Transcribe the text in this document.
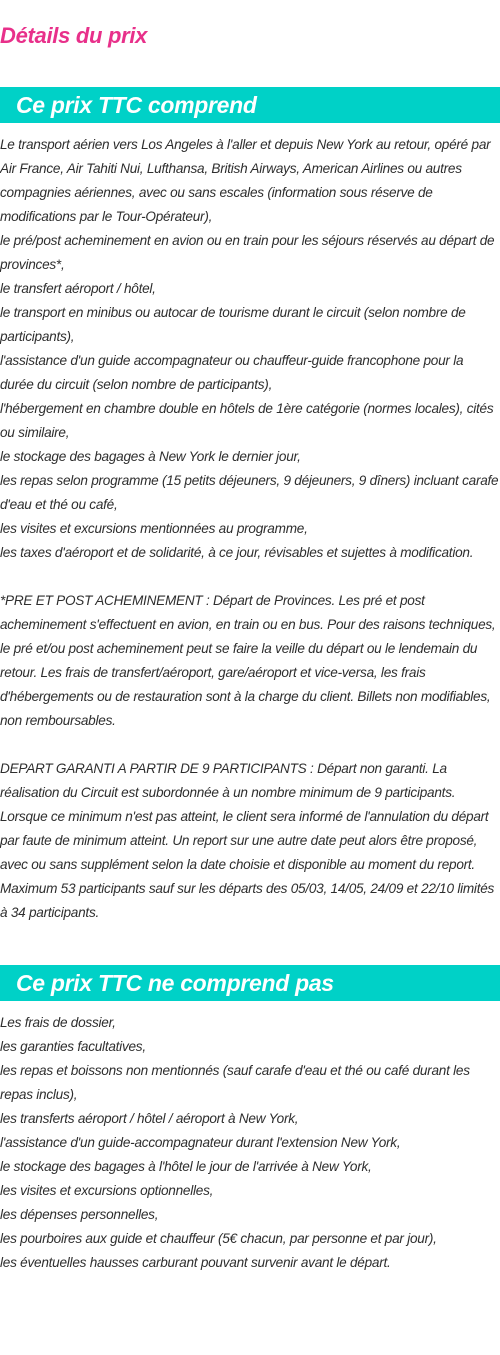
Détails du prix
Ce prix TTC comprend
Le transport aérien vers Los Angeles à l'aller et depuis New York au retour, opéré par Air France, Air Tahiti Nui, Lufthansa, British Airways, American Airlines ou autres compagnies aériennes, avec ou sans escales (information sous réserve de modifications par le Tour-Opérateur),
le pré/post acheminement en avion ou en train pour les séjours réservés au départ de provinces*,
le transfert aéroport / hôtel,
le transport en minibus ou autocar de tourisme durant le circuit (selon nombre de participants),
l'assistance d'un guide accompagnateur ou chauffeur-guide francophone pour la durée du circuit (selon nombre de participants),
l'hébergement en chambre double en hôtels de 1ère catégorie (normes locales), cités ou similaire,
le stockage des bagages à New York le dernier jour,
les repas selon programme (15 petits déjeuners, 9 déjeuners, 9 dîners) incluant carafe d'eau et thé ou café,
les visites et excursions mentionnées au programme,
les taxes d'aéroport et de solidarité, à ce jour, révisables et sujettes à modification.

*PRE ET POST ACHEMINEMENT : Départ de Provinces. Les pré et post acheminement s'effectuent en avion, en train ou en bus. Pour des raisons techniques, le pré et/ou post acheminement peut se faire la veille du départ ou le lendemain du retour. Les frais de transfert/aéroport, gare/aéroport et vice-versa, les frais d'hébergements ou de restauration sont à la charge du client. Billets non modifiables, non remboursables.

DEPART GARANTI A PARTIR DE 9 PARTICIPANTS : Départ non garanti. La réalisation du Circuit est subordonnée à un nombre minimum de 9 participants. Lorsque ce minimum n'est pas atteint, le client sera informé de l'annulation du départ par faute de minimum atteint. Un report sur une autre date peut alors être proposé, avec ou sans supplément selon la date choisie et disponible au moment du report. Maximum 53 participants sauf sur les départs des 05/03, 14/05, 24/09 et 22/10 limités à 34 participants.

Ce prix TTC ne comprend pas
Les frais de dossier,
les garanties facultatives,
les repas et boissons non mentionnés (sauf carafe d'eau et thé ou café durant les repas inclus),
les transferts aéroport / hôtel / aéroport à New York,
l'assistance d'un guide-accompagnateur durant l'extension New York,
le stockage des bagages à l'hôtel le jour de l'arrivée à New York,
les visites et excursions optionnelles,
les dépenses personnelles,
les pourboires aux guide et chauffeur (5€ chacun, par personne et par jour),
les éventuelles hausses carburant pouvant survenir avant le départ.
